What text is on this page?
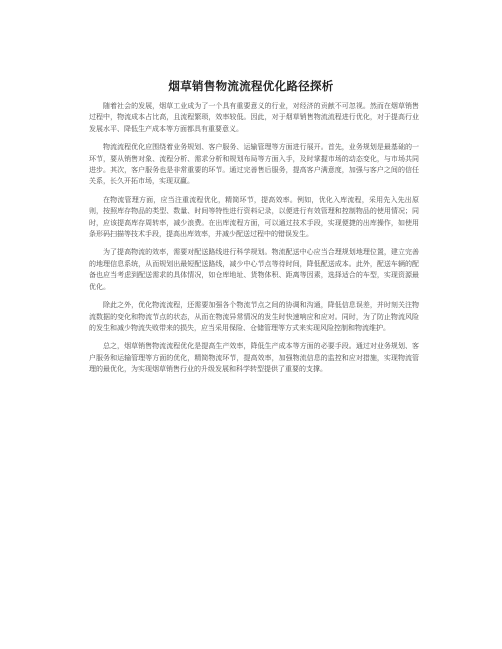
烟草销售物流流程优化路径探析

随着社会的发展，烟草工业成为了一个具有重要意义的行业，对经济的贡献不可忽视。然而在烟草销售过程中，物流成本占比高，且流程繁琐，效率较低。因此，对于烟草销售物流流程进行优化，对于提高行业发展水平、降低生产成本等方面都具有重要意义。

物流流程优化应围绕着业务规划、客户服务、运输管理等方面进行展开。首先，业务规划是最基础的一环节，要从销售对象、流程分析、需求分析和规划布局等方面入手，及时掌握市场的动态变化，与市场共同进步。其次，客户服务也是非常重要的环节。通过完善售后服务，提高客户满意度，加强与客户之间的信任关系，长久开拓市场，实现双赢。

在物流管理方面，应当注重流程优化，精简环节，提高效率。例如，优化入库流程，采用先入先出原则，按照库存物品的类型、数量、时间等特性进行资料记录，以便进行有效管理和控制物品的使用情况；同时，应该提高库存周转率，减少浪费。在出库流程方面，可以通过技术手段，实现便捷的出库操作，如使用条形码扫描等技术手段，提高出库效率，并减少配送过程中的错误发生。

为了提高物流的效率，需要对配送路线进行科学规划。物流配送中心应当合理规划地理位置，建立完善的地理信息系统，从而规划出最短配送路线，减少中心节点等待时间，降低配送成本。此外，配送车辆的配备也应当考虑到配送需求的具体情况，如仓库地址、货物体积、距离等因素，选择适合的车型，实现资源最优化。

除此之外，优化物流流程，还需要加强各个物流节点之间的协调和沟通，降低信息误差，并时刻关注物流数据的变化和物流节点的状态，从而在物流异常情况的发生时快速响应和应对。同时，为了防止物流风险的发生和减少物流失败带来的损失，应当采用保险、仓储管理等方式来实现风险控制和物流维护。

总之，烟草销售物流流程优化是提高生产效率，降低生产成本等方面的必要手段。通过对业务规划、客户服务和运输管理等方面的优化，精简物流环节，提高效率，加强物流信息的监控和应对措施，实现物流管理的最优化，为实现烟草销售行业的升级发展和科学转型提供了重要的支撑。
